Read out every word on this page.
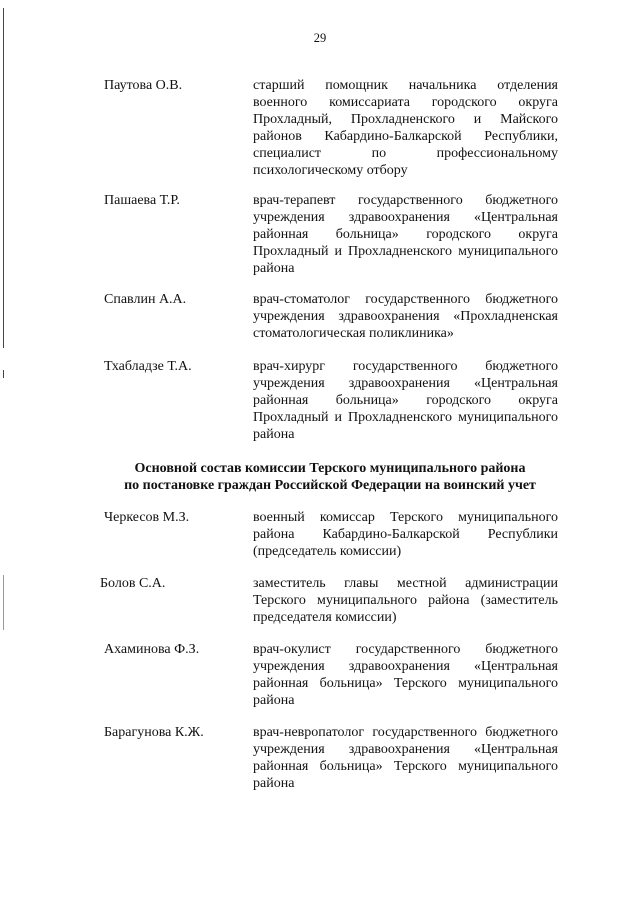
29
Паутова О.В.	старший помощник начальника отделения военного комиссариата городского округа Прохладный, Прохладненского и Майского районов Кабардино-Балкарской Республики, специалист по профессиональному психологическому отбору
Пашаева Т.Р.	врач-терапевт государственного бюджетного учреждения здравоохранения «Центральная районная больница» городского округа Прохладный и Прохладненского муниципального района
Спавлин А.А.	врач-стоматолог государственного бюджетного учреждения здравоохранения «Прохладненская стоматологическая поликлиника»
Тхабладзе Т.А.	врач-хирург государственного бюджетного учреждения здравоохранения «Центральная районная больница» городского округа Прохладный и Прохладненского муниципального района
Основной состав комиссии Терского муниципального района
по постановке граждан Российской Федерации на воинский учет
Черкесов М.З.	военный комиссар Терского муниципального района Кабардино-Балкарской Республики (председатель комиссии)
Болов С.А.	заместитель главы местной администрации Терского муниципального района (заместитель председателя комиссии)
Ахаминова Ф.З.	врач-окулист государственного бюджетного учреждения здравоохранения «Центральная районная больница» Терского муниципального района
Барагунова К.Ж.	врач-невропатолог государственного бюджетного учреждения здравоохранения «Центральная районная больница» Терского муниципального района
